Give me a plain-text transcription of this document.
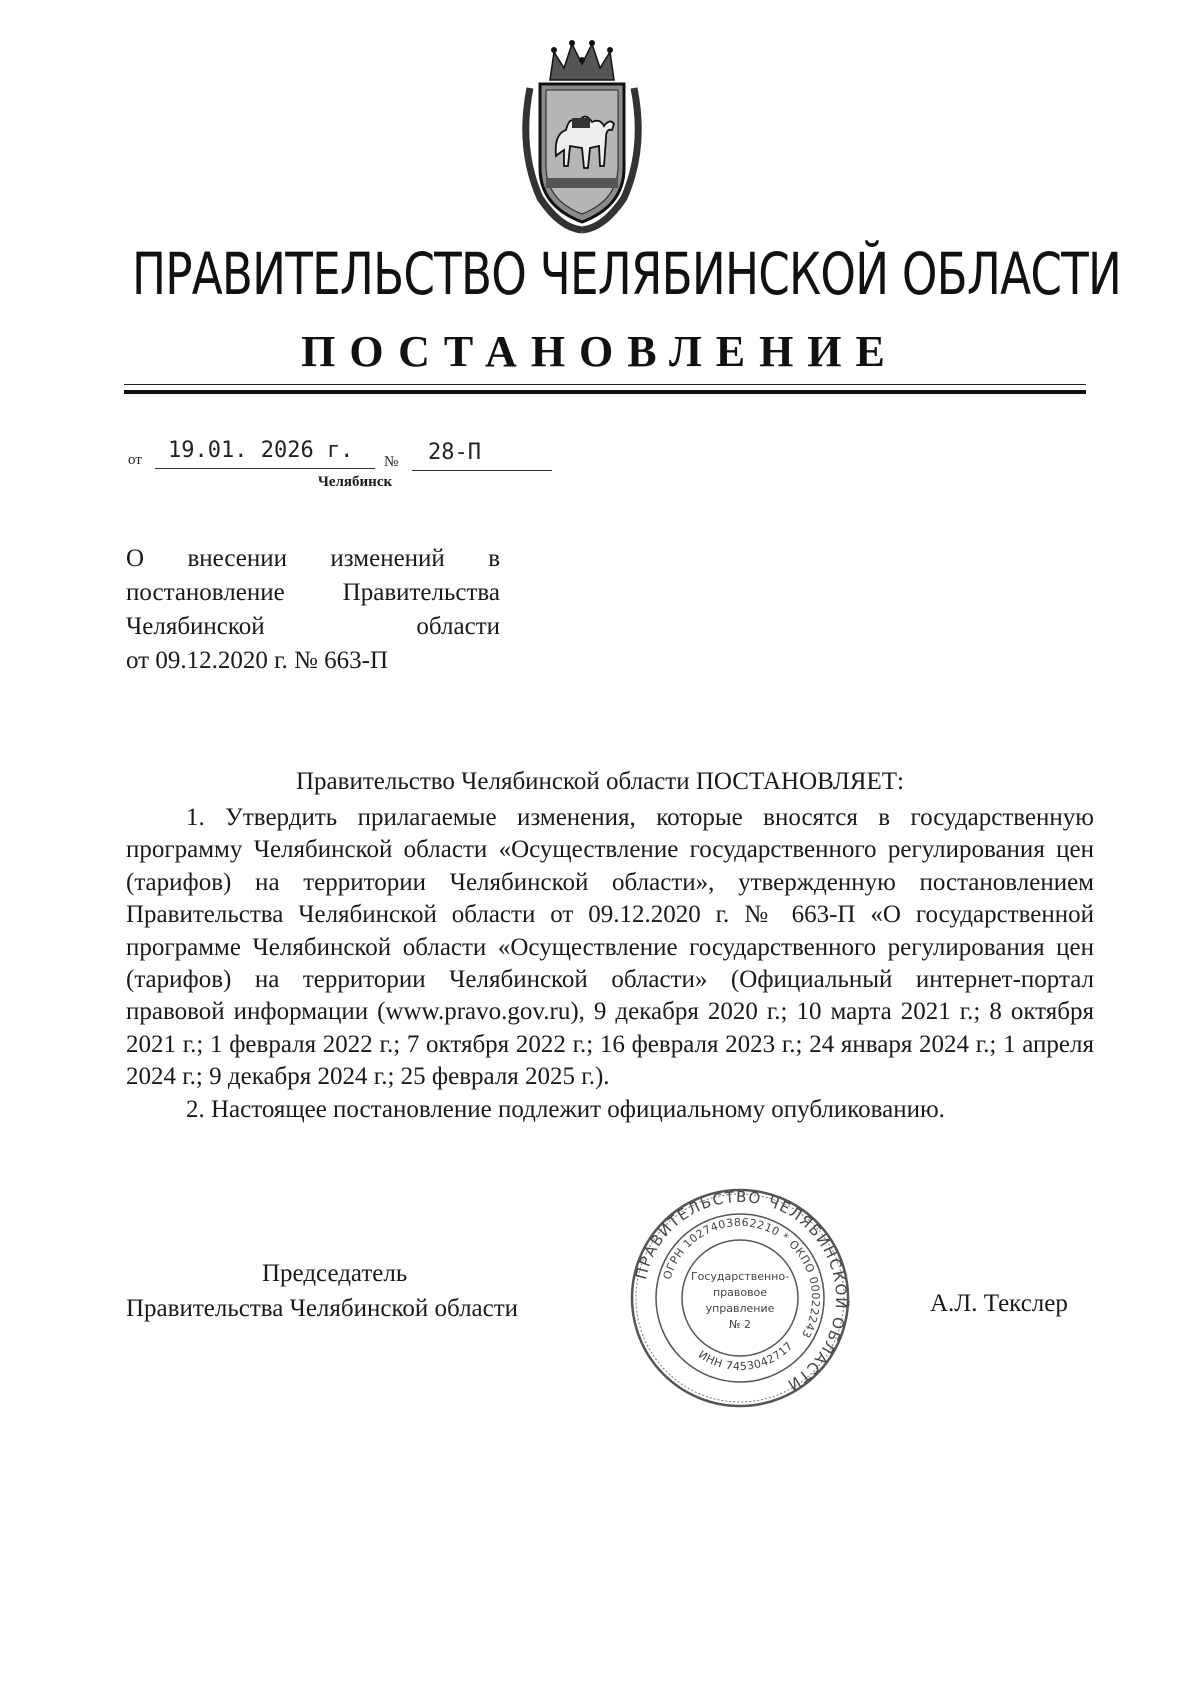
ПРАВИТЕЛЬСТВО ЧЕЛЯБИНСКОЙ ОБЛАСТИ
ПОСТАНОВЛЕНИЕ
от 19.01. 2026 г. № 28-П
Челябинск
О внесении изменений в
постановление Правительства
Челябинской области
от 09.12.2020 г. № 663-П
Правительство Челябинской области ПОСТАНОВЛЯЕТ:

1. Утвердить прилагаемые изменения, которые вносятся в государственную программу Челябинской области «Осуществление государственного регулирования цен (тарифов) на территории Челябинской области», утвержденную постановлением Правительства Челябинской области от 09.12.2020 г. № 663-П «О государственной программе Челябинской области «Осуществление государственного регулирования цен (тарифов) на территории Челябинской области» (Официальный интернет-портал правовой информации (www.pravo.gov.ru), 9 декабря 2020 г.; 10 марта 2021 г.; 8 октября 2021 г.; 1 февраля 2022 г.; 7 октября 2022 г.; 16 февраля 2023 г.; 24 января 2024 г.; 1 апреля 2024 г.; 9 декабря 2024 г.; 25 февраля 2025 г.).

2. Настоящее постановление подлежит официальному опубликованию.

Председатель
Правительства Челябинской области	А.Л. Текслер
ПРАВИТЕЛЬСТВО ЧЕЛЯБИНСКОЙ ОБЛАСТИ
ОГРН 1027403862210 * ОКПО 00022243
ИНН 7453042717
Государственно-
правовое
управление
№ 2
